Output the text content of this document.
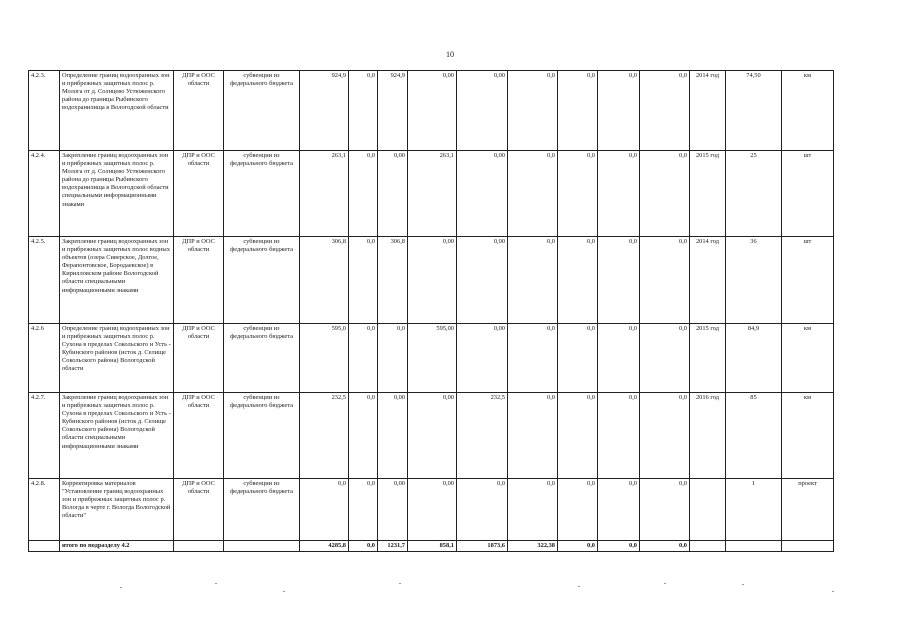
10
4.2.3.	Определение границ водоохранных зон и прибрежных защитных полос р. Молога от д. Солнцево Устюженского района до границы Рыбинского водохранилища в Вологодской области	ДПР и ООС области	субвенции из федерального бюджета	924,9	0,0	924,9	0,00	0,00	0,0	0,0	0,0	0,0	2014 год	74,50	км
4.2.4.	Закрепление границ водоохранных зон и прибрежных защитных полос р. Молога от д. Солнцево Устюженского района до границы Рыбинского водохранилища в Вологодской области специальными информационными знаками	ДПР и ООС области	субвенции из федерального бюджета	263,1	0,0	0,00	263,1	0,00	0,0	0,0	0,0	0,0	2015 год	25	шт
4.2.5.	Закрепление границ водоохранных зон и прибрежных защитных полос водных объектов (озера Сиверское, Долгое, Ферапонтовское, Бородаевское) в Кирилловском районе Вологодской области специальными информационными знаками	ДПР и ООС области	субвенции из федерального бюджета	306,8	0,0	306,8	0,00	0,00	0,0	0,0	0,0	0,0	2014 год	36	шт
4.2.6	Определение границ водоохранных зон и прибрежных защитных полос р. Сухона в пределах Сокольского и Усть - Кубинского районов (исток д. Селище Сокольского района) Вологодской области	ДПР и ООС области	субвенции из федерального бюджета	595,0	0,0	0,0	595,00	0,00	0,0	0,0	0,0	0,0	2015 год	84,9	км
4.2.7.	Закрепление границ водоохранных зон и прибрежных защитных полос р. Сухона в пределах Сокольского и Усть - Кубинского районов (исток д. Селище Сокольского района) Вологодской области специальными информационными знаками	ДПР и ООС области	субвенции из федерального бюджета	232,5	0,0	0,00	0,00	232,5	0,0	0,0	0,0	0,0	2016 год	85	км
4.2.8.	Корректировка материалов "Установление границ водоохранных зон и прибрежных защитных полос р. Вологда в черте г. Вологда Вологодской области"	ДПР и ООС области	субвенции из федерального бюджета	0,0	0,0	0,00	0,00	0,0	0,0	0,0	0,0	0,0		1	проект
	итого по подразделу 4.2			4285,8	0,0	1231,7	858,1	1873,6	322,38	0,0	0,0	0,0			
